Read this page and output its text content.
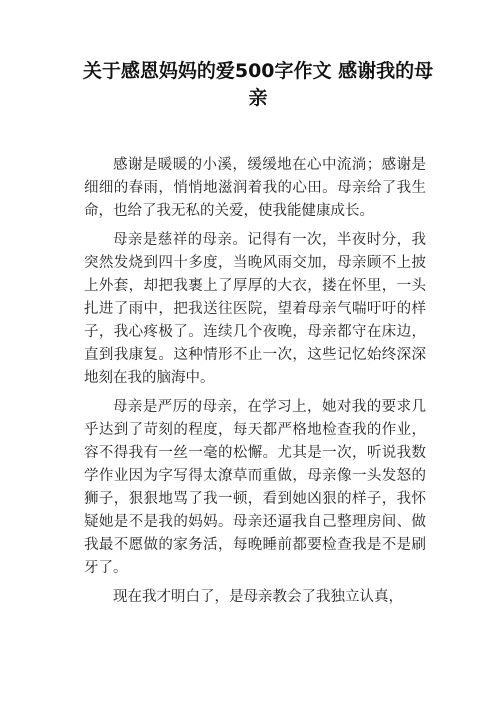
关于感恩妈妈的爱500字作文 感谢我的母亲

感谢是暖暖的小溪，缓缓地在心中流淌；感谢是细细的春雨，悄悄地滋润着我的心田。母亲给了我生命，也给了我无私的关爱，使我能健康成长。

母亲是慈祥的母亲。记得有一次，半夜时分，我突然发烧到四十多度，当晚风雨交加，母亲顾不上披上外套，却把我裹上了厚厚的大衣，搂在怀里，一头扎进了雨中，把我送往医院，望着母亲气喘吁吁的样子，我心疼极了。连续几个夜晚，母亲都守在床边，直到我康复。这种情形不止一次，这些记忆始终深深地刻在我的脑海中。

母亲是严厉的母亲，在学习上，她对我的要求几乎达到了苛刻的程度，每天都严格地检查我的作业，容不得我有一丝一毫的松懈。尤其是一次，听说我数学作业因为字写得太潦草而重做，母亲像一头发怒的狮子，狠狠地骂了我一顿，看到她凶狠的样子，我怀疑她是不是我的妈妈。母亲还逼我自己整理房间、做我最不愿做的家务活，每晚睡前都要检查我是不是刷牙了。

现在我才明白了，是母亲教会了我独立认真，
